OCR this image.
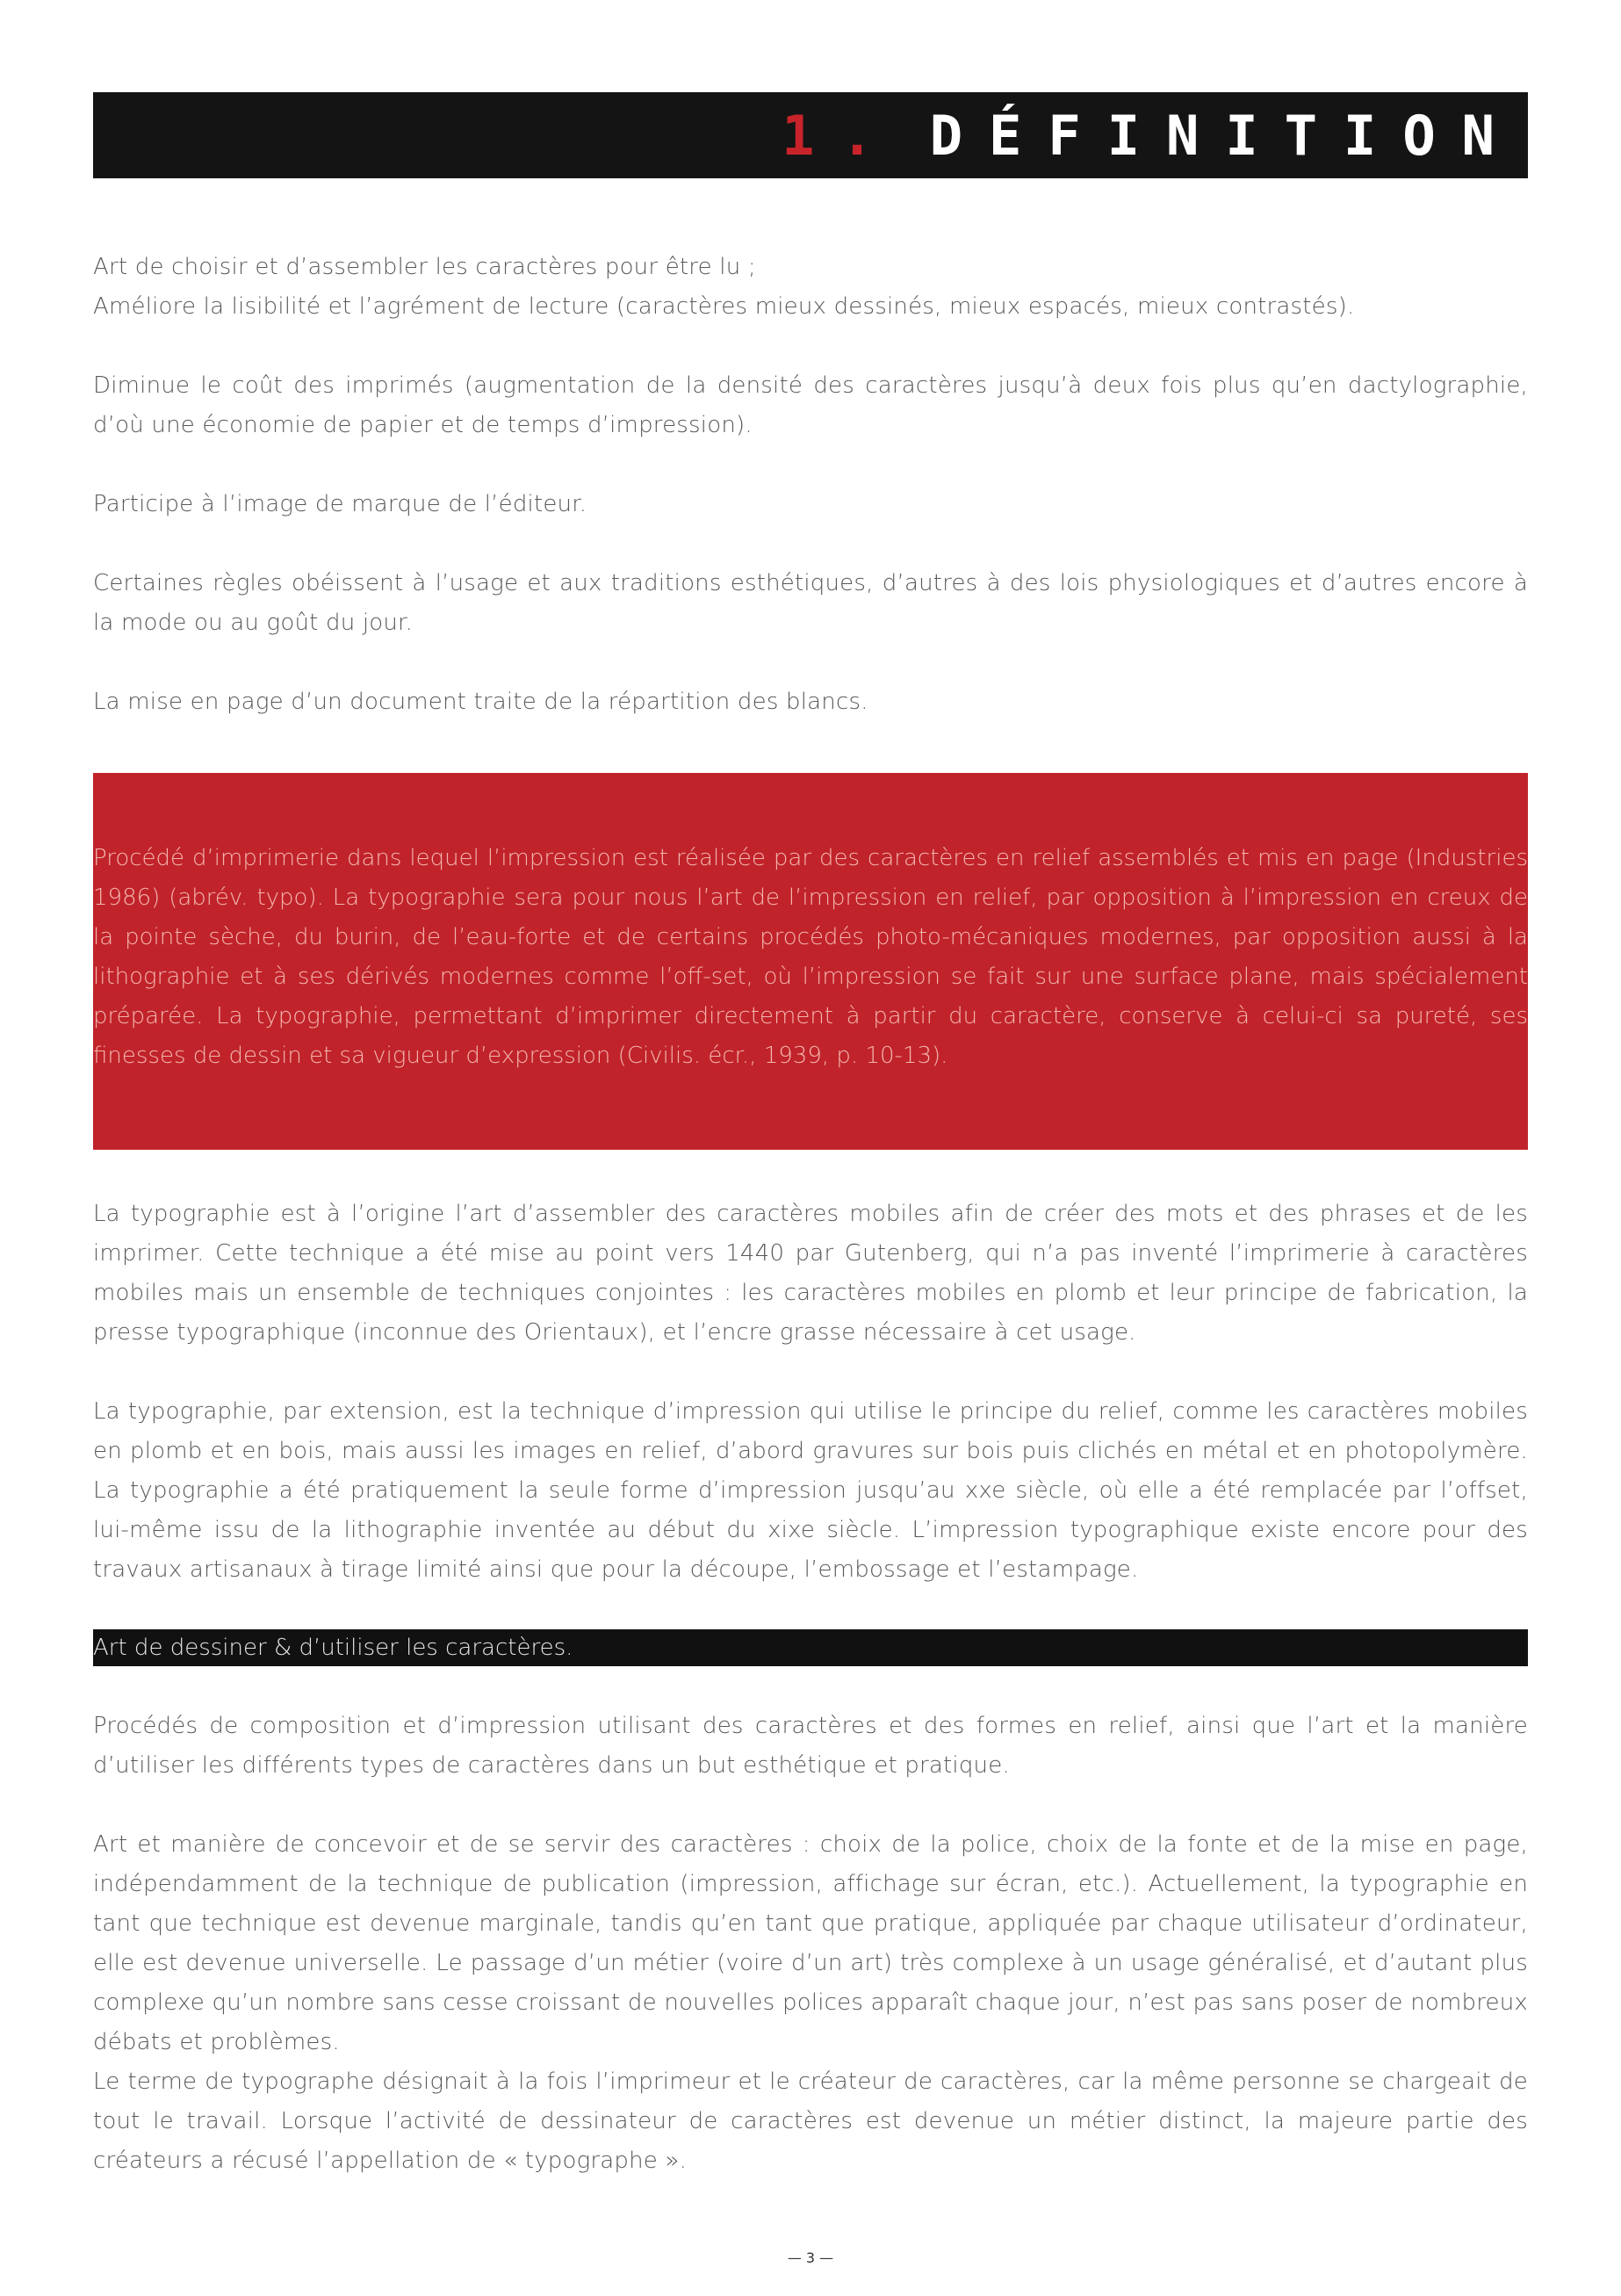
1. DÉFINITION

Art de choisir et d’assembler les caractères pour être lu ;

Améliore la lisibilité et l’agrément de lecture (caractères mieux dessinés, mieux espacés, mieux contrastés).

Diminue le coût des imprimés (augmentation de la densité des caractères jusqu’à deux fois plus qu’en dactylographie, d’où une économie de papier et de temps d’impression).

Participe à l’image de marque de l’éditeur.

Certaines règles obéissent à l’usage et aux traditions esthétiques, d’autres à des lois physiologiques et d’autres encore à la mode ou au goût du jour.

La mise en page d’un document traite de la répartition des blancs.

Procédé d’imprimerie dans lequel l’impression est réalisée par des caractères en relief assemblés et mis en page (Industries 1986) (abrév. typo). La typographie sera pour nous l’art de l’impression en relief, par opposition à l’impression en creux de la pointe sèche, du burin, de l’eau-forte et de certains procédés photo-mécaniques modernes, par opposition aussi à la lithographie et à ses dérivés modernes comme l’off-set, où l’impression se fait sur une surface plane, mais spécialement préparée. La typographie, permettant d’imprimer directement à partir du caractère, conserve à celui-ci sa pureté, ses finesses de dessin et sa vigueur d’expression (Civilis. écr., 1939, p. 10-13).

La typographie est à l’origine l’art d’assembler des caractères mobiles afin de créer des mots et des phrases et de les imprimer. Cette technique a été mise au point vers 1440 par Gutenberg, qui n’a pas inventé l’imprimerie à caractères mobiles mais un ensemble de techniques conjointes : les caractères mobiles en plomb et leur principe de fabrication, la presse typographique (inconnue des Orientaux), et l’encre grasse nécessaire à cet usage.

La typographie, par extension, est la technique d’impression qui utilise le principe du relief, comme les caractères mobiles en plomb et en bois, mais aussi les images en relief, d’abord gravures sur bois puis clichés en métal et en photopolymère. La typographie a été pratiquement la seule forme d’impression jusqu’au xxe siècle, où elle a été remplacée par l’offset, lui-même issu de la lithographie inventée au début du xixe siècle. L’impression typographique existe encore pour des travaux artisanaux à tirage limité ainsi que pour la découpe, l’embossage et l’estampage.

Art de dessiner & d’utiliser les caractères.

Procédés de composition et d’impression utilisant des caractères et des formes en relief, ainsi que l’art et la manière d’utiliser les différents types de caractères dans un but esthétique et pratique.

Art et manière de concevoir et de se servir des caractères : choix de la police, choix de la fonte et de la mise en page, indépendamment de la technique de publication (impression, affichage sur écran, etc.). Actuellement, la typographie en tant que technique est devenue marginale, tandis qu’en tant que pratique, appliquée par chaque utilisateur d’ordinateur, elle est devenue universelle. Le passage d’un métier (voire d’un art) très complexe à un usage généralisé, et d’autant plus complexe qu’un nombre sans cesse croissant de nouvelles polices apparaît chaque jour, n’est pas sans poser de nombreux débats et problèmes.

Le terme de typographe désignait à la fois l’imprimeur et le créateur de caractères, car la même personne se chargeait de tout le travail. Lorsque l’activité de dessinateur de caractères est devenue un métier distinct, la majeure partie des créateurs a récusé l’appellation de « typographe ».

— 3 —
